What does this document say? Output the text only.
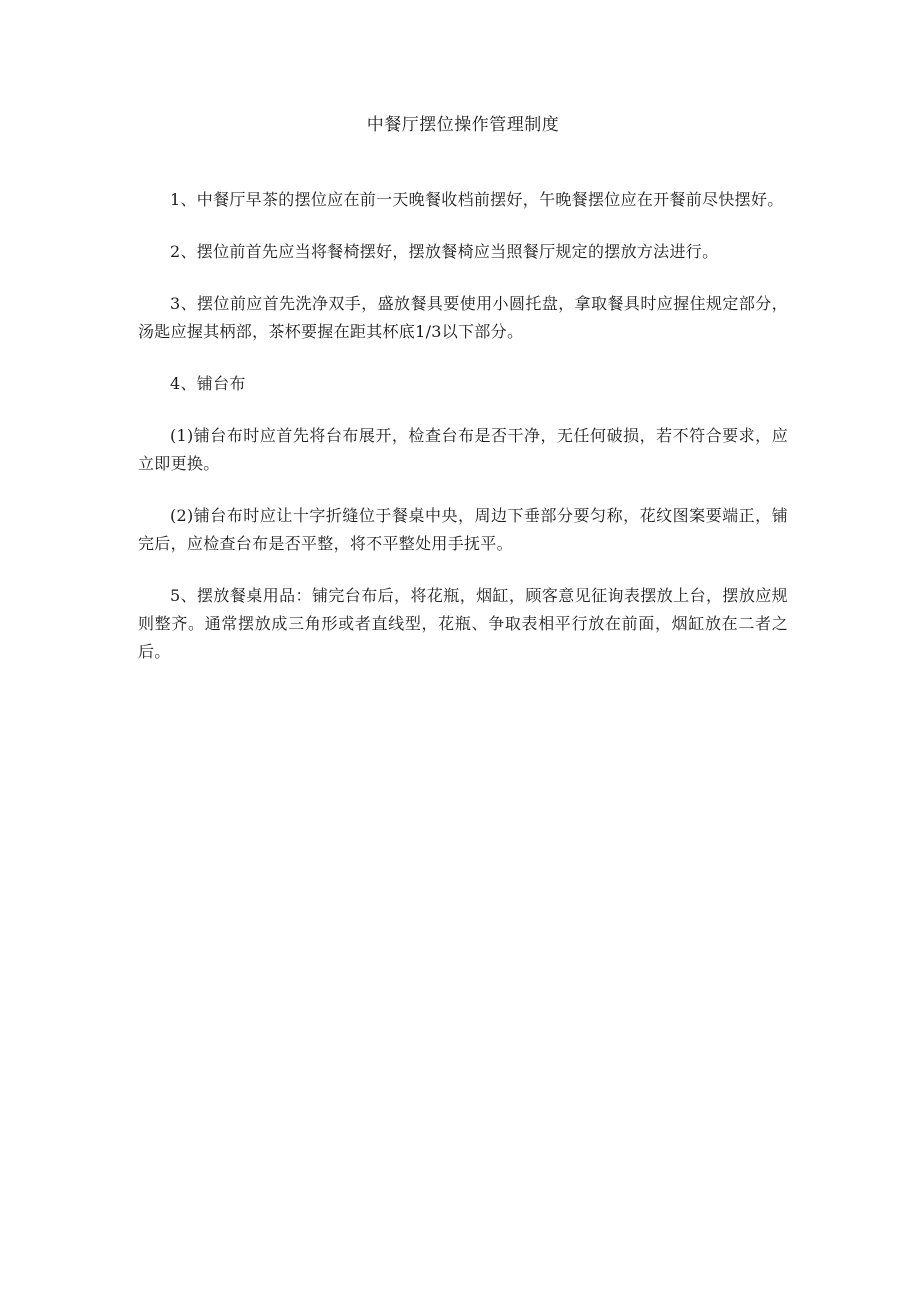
中餐厅摆位操作管理制度

1、中餐厅早茶的摆位应在前一天晚餐收档前摆好，午晚餐摆位应在开餐前尽快摆好。

2、摆位前首先应当将餐椅摆好，摆放餐椅应当照餐厅规定的摆放方法进行。

3、摆位前应首先洗净双手，盛放餐具要使用小圆托盘，拿取餐具时应握住规定部分，汤匙应握其柄部，茶杯要握在距其杯底1/3以下部分。

4、铺台布

(1)铺台布时应首先将台布展开，检查台布是否干净，无任何破损，若不符合要求，应立即更换。

(2)铺台布时应让十字折缝位于餐桌中央，周边下垂部分要匀称，花纹图案要端正，铺完后，应检查台布是否平整，将不平整处用手抚平。

5、摆放餐桌用品：铺完台布后，将花瓶，烟缸，顾客意见征询表摆放上台，摆放应规则整齐。通常摆放成三角形或者直线型，花瓶、争取表相平行放在前面，烟缸放在二者之后。
